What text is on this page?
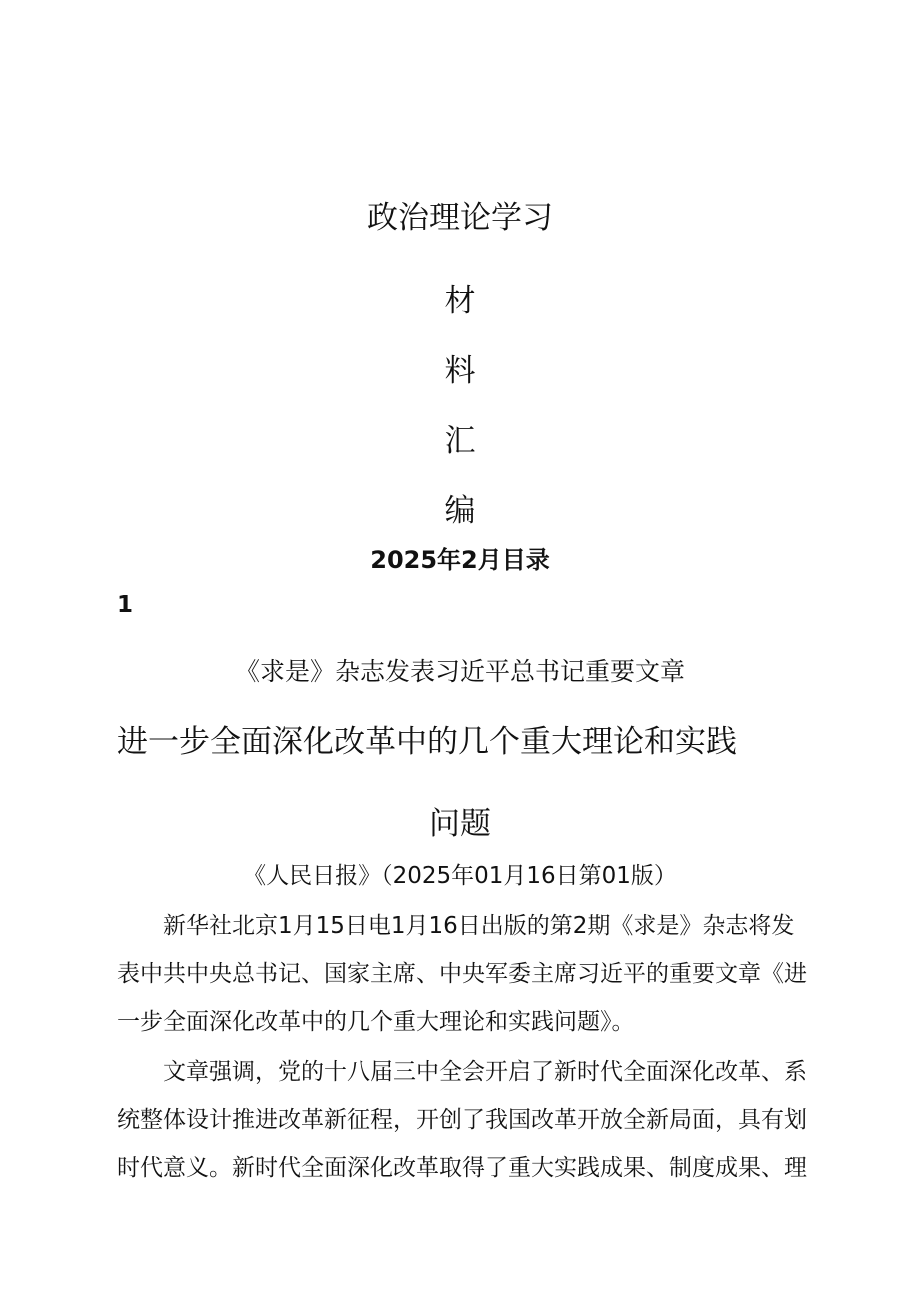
政治理论学习
材
料
汇
编
2025年2月目录
1
《求是》杂志发表习近平总书记重要文章
进一步全面深化改革中的几个重大理论和实践
问题
《人民日报》（2025年01月16日第01版）
新华社北京1月15日电1月16日出版的第2期《求是》杂志将发
表中共中央总书记、国家主席、中央军委主席习近平的重要文章《进
一步全面深化改革中的几个重大理论和实践问题》。
文章强调，党的十八届三中全会开启了新时代全面深化改革、系
统整体设计推进改革新征程，开创了我国改革开放全新局面，具有划
时代意义。新时代全面深化改革取得了重大实践成果、制度成果、理
